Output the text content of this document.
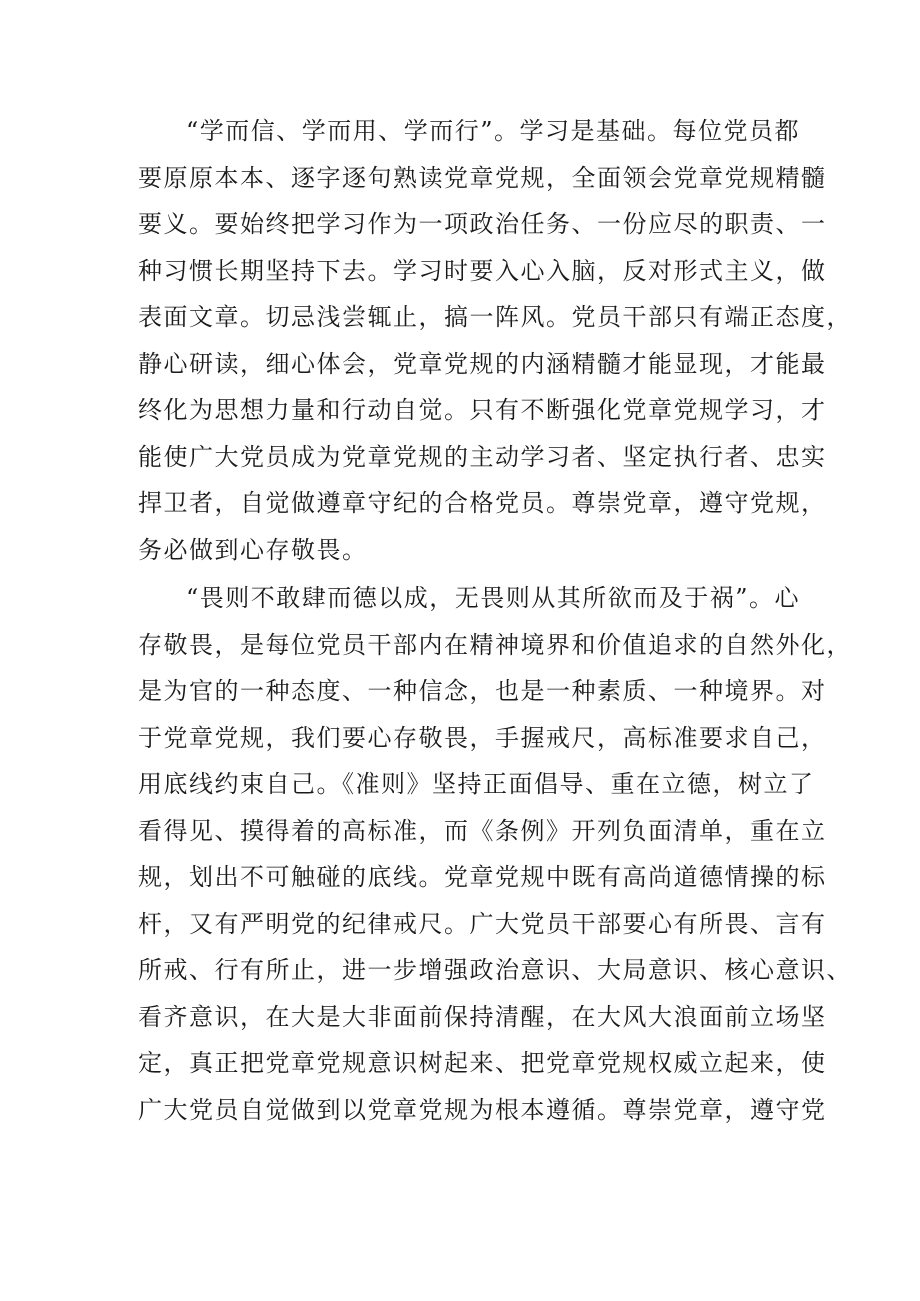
“学而信、学而用、学而行”。学习是基础。每位党员都
要原原本本、逐字逐句熟读党章党规，全面领会党章党规精髓
要义。要始终把学习作为一项政治任务、一份应尽的职责、一
种习惯长期坚持下去。学习时要入心入脑，反对形式主义，做
表面文章。切忌浅尝辄止，搞一阵风。党员干部只有端正态度，
静心研读，细心体会，党章党规的内涵精髓才能显现，才能最
终化为思想力量和行动自觉。只有不断强化党章党规学习，才
能使广大党员成为党章党规的主动学习者、坚定执行者、忠实
捍卫者，自觉做遵章守纪的合格党员。尊崇党章，遵守党规，
务必做到心存敬畏。
“畏则不敢肆而德以成，无畏则从其所欲而及于祸”。心
存敬畏，是每位党员干部内在精神境界和价值追求的自然外化，
是为官的一种态度、一种信念，也是一种素质、一种境界。对
于党章党规，我们要心存敬畏，手握戒尺，高标准要求自己，
用底线约束自己。《准则》坚持正面倡导、重在立德，树立了
看得见、摸得着的高标准，而《条例》开列负面清单，重在立
规，划出不可触碰的底线。党章党规中既有高尚道德情操的标
杆，又有严明党的纪律戒尺。广大党员干部要心有所畏、言有
所戒、行有所止，进一步增强政治意识、大局意识、核心意识、
看齐意识，在大是大非面前保持清醒，在大风大浪面前立场坚
定，真正把党章党规意识树起来、把党章党规权威立起来，使
广大党员自觉做到以党章党规为根本遵循。尊崇党章，遵守党
